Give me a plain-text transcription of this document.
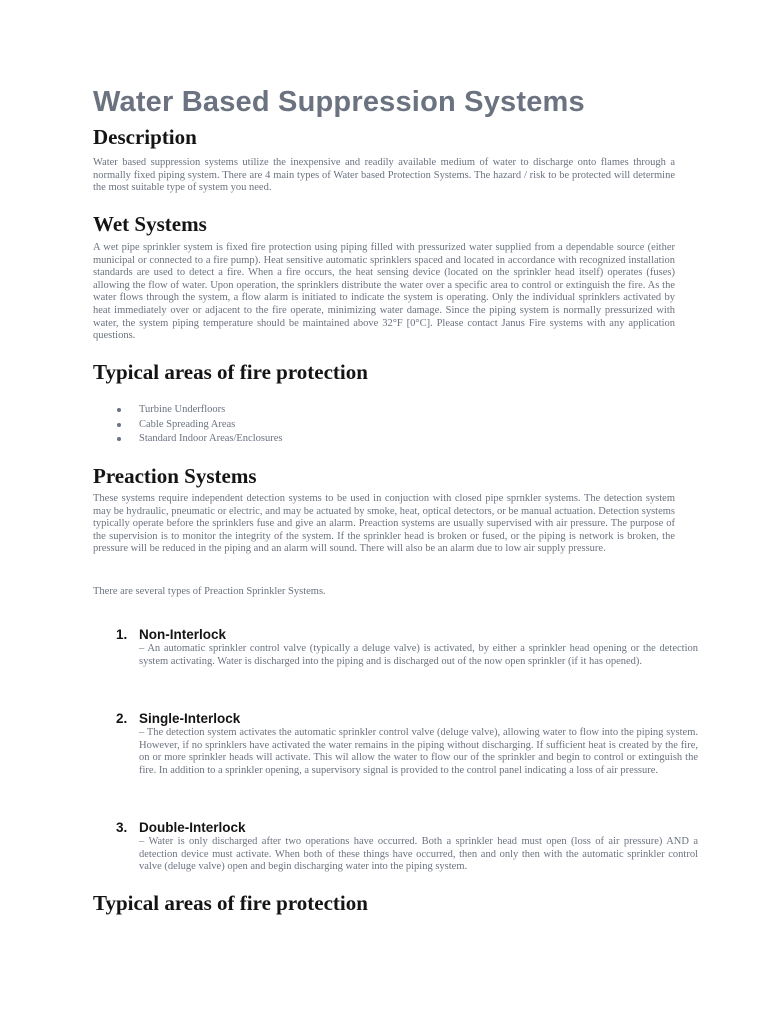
Water Based Suppression Systems
Description

Water based suppression systems utilize the inexpensive and readily available medium of water to discharge onto flames through a normally fixed piping system. There are 4 main types of Water based Protection Systems. The hazard / risk to be protected will determine the most suitable type of system you need.

Wet Systems

A wet pipe sprinkler system is fixed fire protection using piping filled with pressurized water supplied from a dependable source (either municipal or connected to a fire pump). Heat sensitive automatic sprinklers spaced and located in accordance with recognized installation standards are used to detect a fire. When a fire occurs, the heat sensing device (located on the sprinkler head itself) operates (fuses) allowing the flow of water. Upon operation, the sprinklers distribute the water over a specific area to control or extinguish the fire. As the water flows through the system, a flow alarm is initiated to indicate the system is operating. Only the individual sprinklers activated by heat immediately over or adjacent to the fire operate, minimizing water damage. Since the piping system is normally pressurized with water, the system piping temperature should be maintained above 32°F [0°C]. Please contact Janus Fire systems with any application questions.

Typical areas of fire protection
Turbine Underfloors
Cable Spreading Areas
Standard Indoor Areas/Enclosures
Preaction Systems

These systems require independent detection systems to be used in conjuction with closed pipe sprnkler systems. The detection system may be hydraulic, pneumatic or electric, and may be actuated by smoke, heat, optical detectors, or be manual actuation. Detection systems typically operate before the sprinklers fuse and give an alarm. Preaction systems are usually supervised with air pressure. The purpose of the supervision is to monitor the integrity of the system. If the sprinkler head is broken or fused, or the piping is network is broken, the pressure will be reduced in the piping and an alarm will sound. There will also be an alarm due to low air supply pressure.

There are several types of Preaction Sprinkler Systems.

1. Non-Interlock

– An automatic sprinkler control valve (typically a deluge valve) is activated, by either a sprinkler head opening or the detection system activating. Water is discharged into the piping and is discharged out of the now open sprinkler (if it has opened).

2. Single-Interlock

– The detection system activates the automatic sprinkler control valve (deluge valve), allowing water to flow into the piping system. However, if no sprinklers have activated the water remains in the piping without discharging. If sufficient heat is created by the fire, on or more sprinkler heads will activate. This wil allow the water to flow our of the sprinkler and begin to control or extinguish the fire. In addition to a sprinkler opening, a supervisory signal is provided to the control panel indicating a loss of air pressure.

3. Double-Interlock

– Water is only discharged after two operations have occurred. Both a sprinkler head must open (loss of air pressure) AND a detection device must activate. When both of these things have occurred, then and only then with the automatic sprinkler control valve (deluge valve) open and begin discharging water into the piping system.

Typical areas of fire protection
